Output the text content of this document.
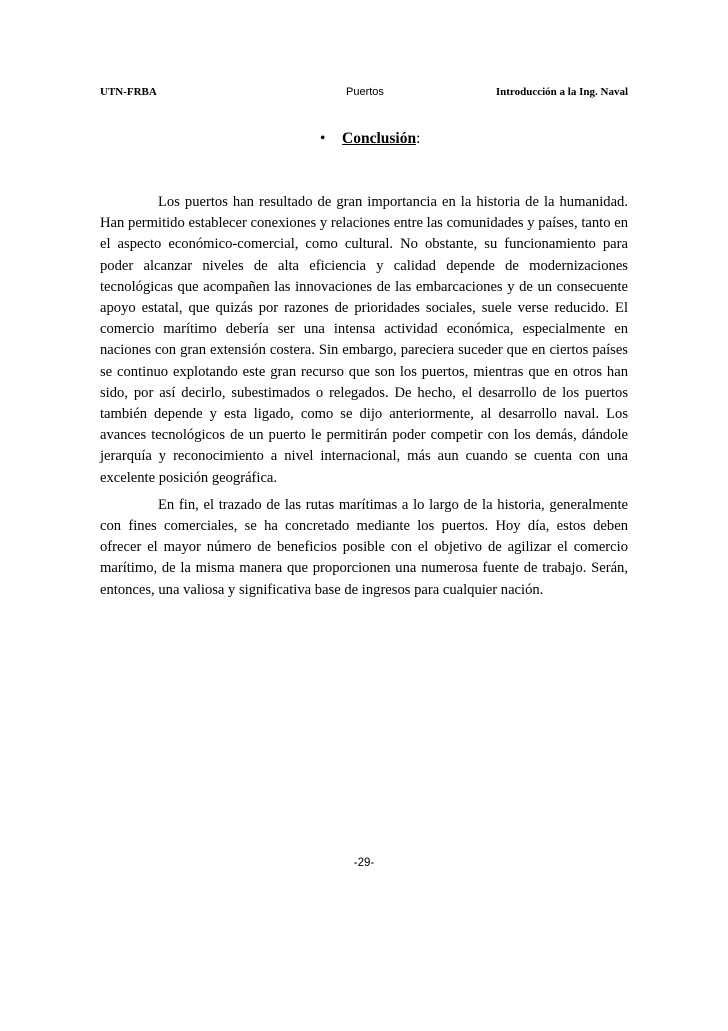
UTN-FRBA	Puertos	Introducción a la Ing. Naval
• Conclusión:

Los puertos han resultado de gran importancia en la historia de la humanidad. Han permitido establecer conexiones y relaciones entre las comunidades y países, tanto en el aspecto económico-comercial, como cultural. No obstante, su funcionamiento para poder alcanzar niveles de alta eficiencia y calidad depende de modernizaciones tecnológicas que acompañen las innovaciones de las embarcaciones y de un consecuente apoyo estatal, que quizás por razones de prioridades sociales, suele verse reducido. El comercio marítimo debería ser una intensa actividad económica, especialmente en naciones con gran extensión costera. Sin embargo, pareciera suceder que en ciertos países se continuo explotando este gran recurso que son los puertos, mientras que en otros han sido, por así decirlo, subestimados o relegados. De hecho, el desarrollo de los puertos también depende y esta ligado, como se dijo anteriormente, al desarrollo naval. Los avances tecnológicos de un puerto le permitirán poder competir con los demás, dándole jerarquía y reconocimiento a nivel internacional, más aun cuando se cuenta con una excelente posición geográfica.

En fin, el trazado de las rutas marítimas a lo largo de la historia, generalmente con fines comerciales, se ha concretado mediante los puertos. Hoy día, estos deben ofrecer el mayor número de beneficios posible con el objetivo de agilizar el comercio marítimo, de la misma manera que proporcionen una numerosa fuente de trabajo. Serán, entonces, una valiosa y significativa base de ingresos para cualquier nación.

-29-
